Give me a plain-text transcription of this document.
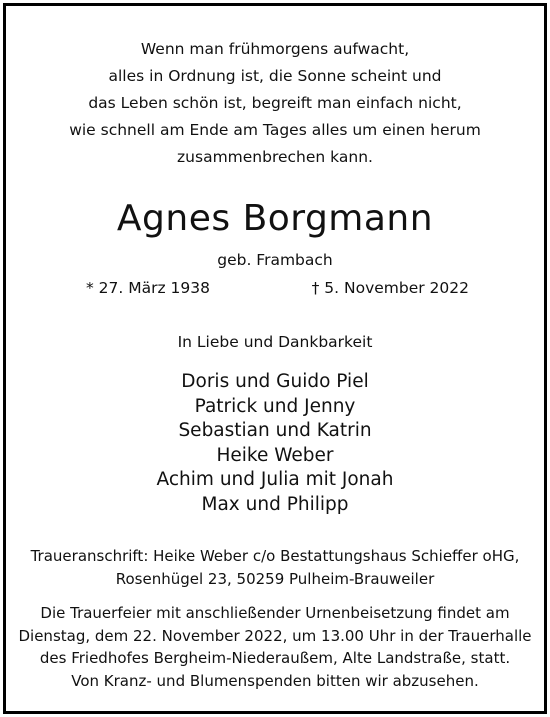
Wenn man frühmorgens aufwacht,
alles in Ordnung ist, die Sonne scheint und
das Leben schön ist, begreift man einfach nicht,
wie schnell am Ende am Tages alles um einen herum
zusammenbrechen kann.
Agnes Borgmann
geb. Frambach
* 27. März 1938	† 5. November 2022
In Liebe und Dankbarkeit
Doris und Guido Piel
Patrick und Jenny
Sebastian und Katrin
Heike Weber
Achim und Julia mit Jonah
Max und Philipp
Traueranschrift: Heike Weber c/o Bestattungshaus Schieffer oHG,
Rosenhügel 23, 50259 Pulheim-Brauweiler
Die Trauerfeier mit anschließender Urnenbeisetzung findet am
Dienstag, dem 22. November 2022, um 13.00 Uhr in der Trauerhalle
des Friedhofes Bergheim-Niederaußem, Alte Landstraße, statt.
Von Kranz- und Blumenspenden bitten wir abzusehen.
